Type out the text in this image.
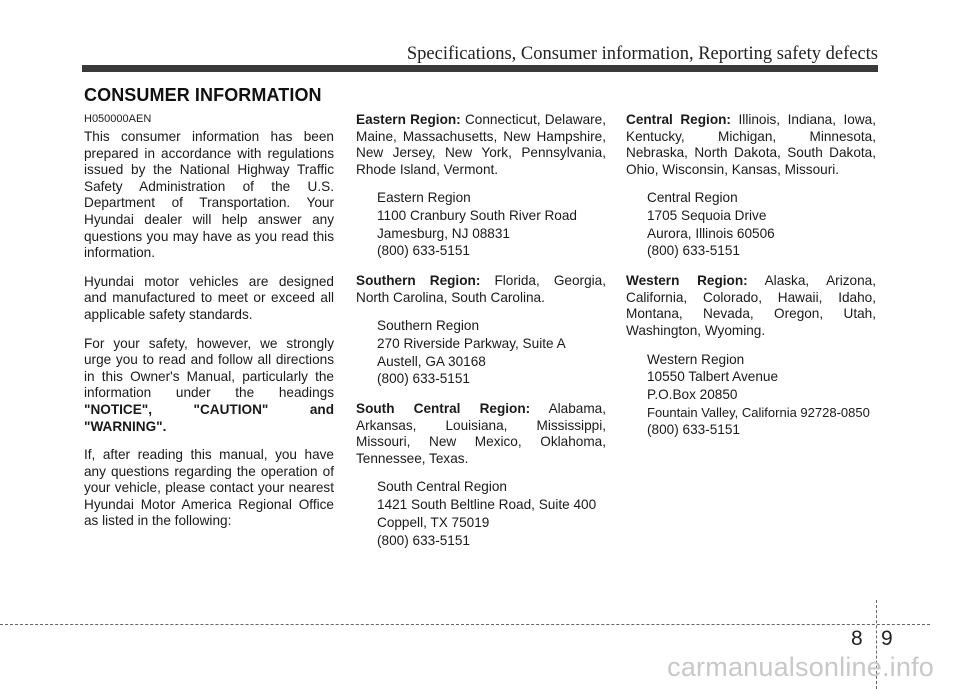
Specifications, Consumer information, Reporting safety defects
CONSUMER INFORMATION
H050000AEN

This consumer information has been prepared in accordance with regulations issued by the National Highway Traffic Safety Administration of the U.S. Department of Transportation. Your Hyundai dealer will help answer any questions you may have as you read this information.

Hyundai motor vehicles are designed and manufactured to meet or exceed all applicable safety standards.

For your safety, however, we strongly urge you to read and follow all directions in this Owner's Manual, particularly the information under the headings "NOTICE", "CAUTION" and "WARNING".

If, after reading this manual, you have any questions regarding the operation of your vehicle, please contact your nearest Hyundai Motor America Regional Office as listed in the following:

Eastern Region: Connecticut, Delaware, Maine, Massachusetts, New Hampshire, New Jersey, New York, Pennsylvania, Rhode Island, Vermont.

Eastern Region
1100 Cranbury South River Road
Jamesburg, NJ 08831
(800) 633-5151

Southern Region: Florida, Georgia, North Carolina, South Carolina.

Southern Region
270 Riverside Parkway, Suite A
Austell, GA 30168
(800) 633-5151

South Central Region: Alabama, Arkansas, Louisiana, Mississippi, Missouri, New Mexico, Oklahoma, Tennessee, Texas.

South Central Region
1421 South Beltline Road, Suite 400
Coppell, TX 75019
(800) 633-5151

Central Region: Illinois, Indiana, Iowa, Kentucky, Michigan, Minnesota, Nebraska, North Dakota, South Dakota, Ohio, Wisconsin, Kansas, Missouri.

Central Region
1705 Sequoia Drive
Aurora, Illinois 60506
(800) 633-5151

Western Region: Alaska, Arizona, California, Colorado, Hawaii, Idaho, Montana, Nevada, Oregon, Utah, Washington, Wyoming.

Western Region
10550 Talbert Avenue
P.O.Box 20850
Fountain Valley, California 92728-0850
(800) 633-5151
8 9
carmanualsonline.info
